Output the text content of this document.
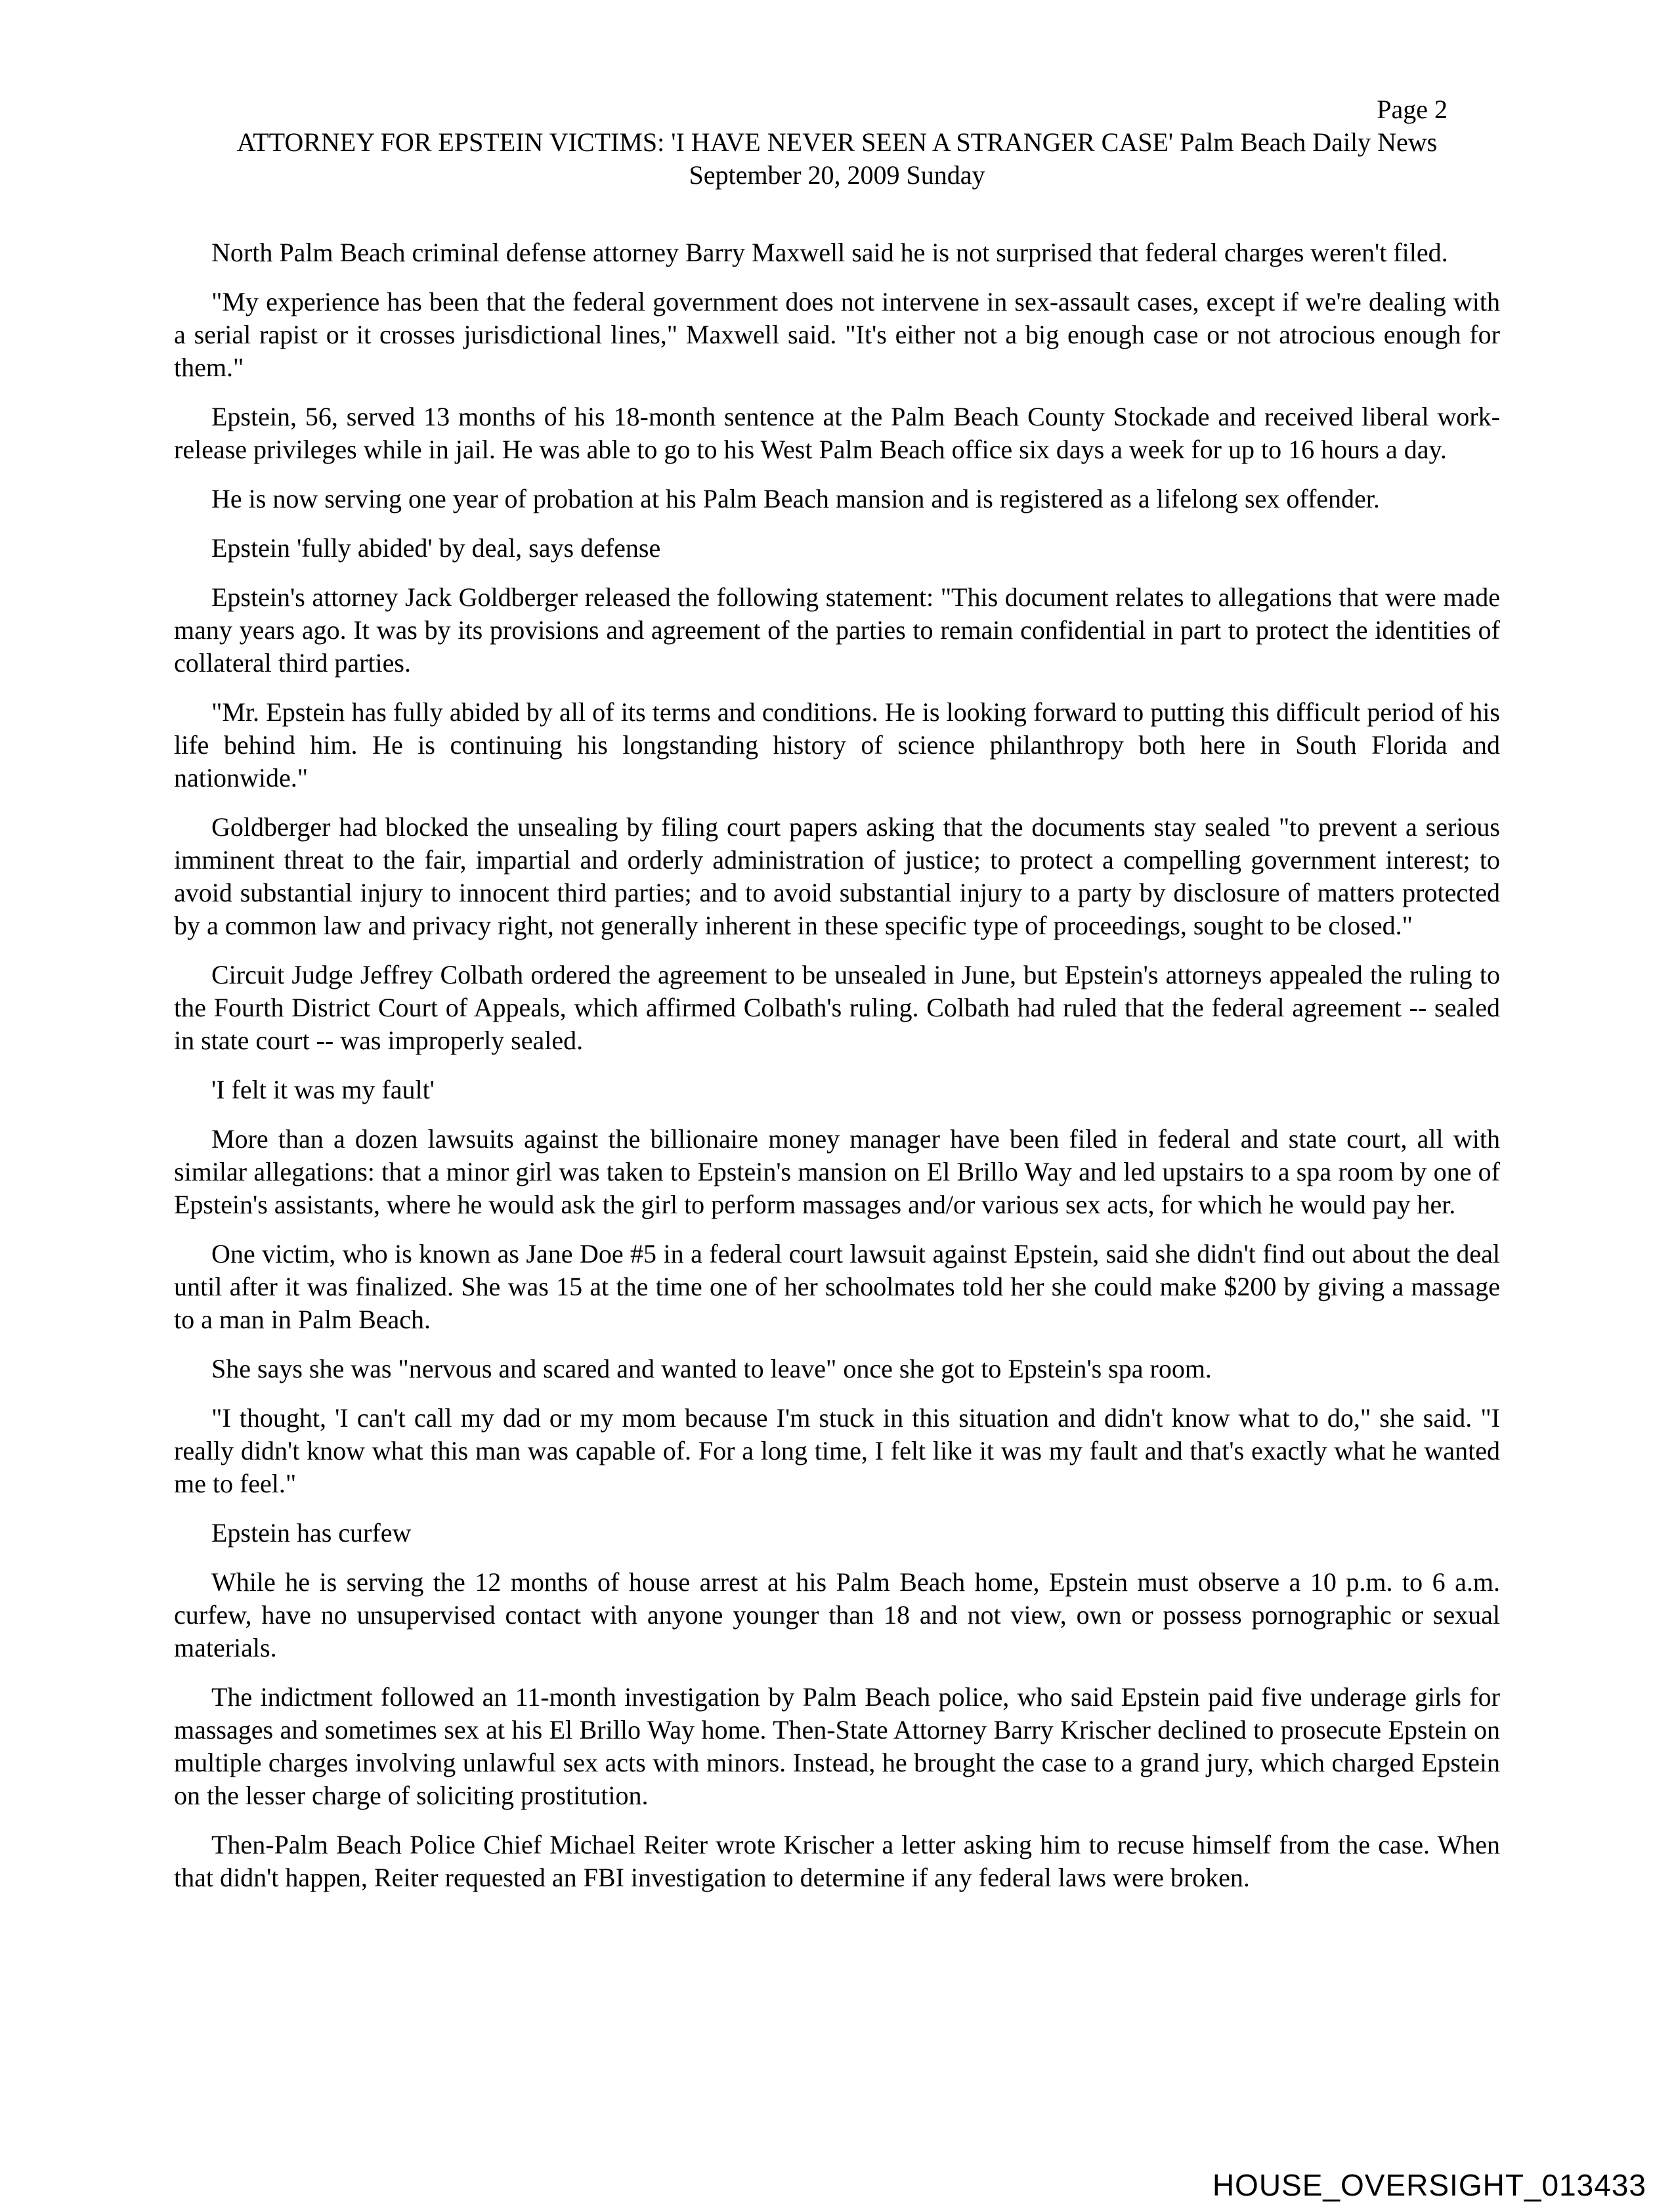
Page 2
ATTORNEY FOR EPSTEIN VICTIMS: 'I HAVE NEVER SEEN A STRANGER CASE' Palm Beach Daily News
September 20, 2009 Sunday

North Palm Beach criminal defense attorney Barry Maxwell said he is not surprised that federal charges weren't filed.

"My experience has been that the federal government does not intervene in sex-assault cases, except if we're dealing with a serial rapist or it crosses jurisdictional lines," Maxwell said. "It's either not a big enough case or not atrocious enough for them."

Epstein, 56, served 13 months of his 18-month sentence at the Palm Beach County Stockade and received liberal work-release privileges while in jail. He was able to go to his West Palm Beach office six days a week for up to 16 hours a day.

He is now serving one year of probation at his Palm Beach mansion and is registered as a lifelong sex offender.

Epstein 'fully abided' by deal, says defense

Epstein's attorney Jack Goldberger released the following statement: "This document relates to allegations that were made many years ago. It was by its provisions and agreement of the parties to remain confidential in part to protect the identities of collateral third parties.

"Mr. Epstein has fully abided by all of its terms and conditions. He is looking forward to putting this difficult period of his life behind him. He is continuing his longstanding history of science philanthropy both here in South Florida and nationwide."

Goldberger had blocked the unsealing by filing court papers asking that the documents stay sealed "to prevent a serious imminent threat to the fair, impartial and orderly administration of justice; to protect a compelling government interest; to avoid substantial injury to innocent third parties; and to avoid substantial injury to a party by disclosure of matters protected by a common law and privacy right, not generally inherent in these specific type of proceedings, sought to be closed."

Circuit Judge Jeffrey Colbath ordered the agreement to be unsealed in June, but Epstein's attorneys appealed the ruling to the Fourth District Court of Appeals, which affirmed Colbath's ruling. Colbath had ruled that the federal agreement -- sealed in state court -- was improperly sealed.

'I felt it was my fault'

More than a dozen lawsuits against the billionaire money manager have been filed in federal and state court, all with similar allegations: that a minor girl was taken to Epstein's mansion on El Brillo Way and led upstairs to a spa room by one of Epstein's assistants, where he would ask the girl to perform massages and/or various sex acts, for which he would pay her.

One victim, who is known as Jane Doe #5 in a federal court lawsuit against Epstein, said she didn't find out about the deal until after it was finalized. She was 15 at the time one of her schoolmates told her she could make $200 by giving a massage to a man in Palm Beach.

She says she was "nervous and scared and wanted to leave" once she got to Epstein's spa room.

"I thought, 'I can't call my dad or my mom because I'm stuck in this situation and didn't know what to do," she said. "I really didn't know what this man was capable of. For a long time, I felt like it was my fault and that's exactly what he wanted me to feel."

Epstein has curfew

While he is serving the 12 months of house arrest at his Palm Beach home, Epstein must observe a 10 p.m. to 6 a.m. curfew, have no unsupervised contact with anyone younger than 18 and not view, own or possess pornographic or sexual materials.

The indictment followed an 11-month investigation by Palm Beach police, who said Epstein paid five underage girls for massages and sometimes sex at his El Brillo Way home. Then-State Attorney Barry Krischer declined to prosecute Epstein on multiple charges involving unlawful sex acts with minors. Instead, he brought the case to a grand jury, which charged Epstein on the lesser charge of soliciting prostitution.

Then-Palm Beach Police Chief Michael Reiter wrote Krischer a letter asking him to recuse himself from the case. When that didn't happen, Reiter requested an FBI investigation to determine if any federal laws were broken.

HOUSE_OVERSIGHT_013433
